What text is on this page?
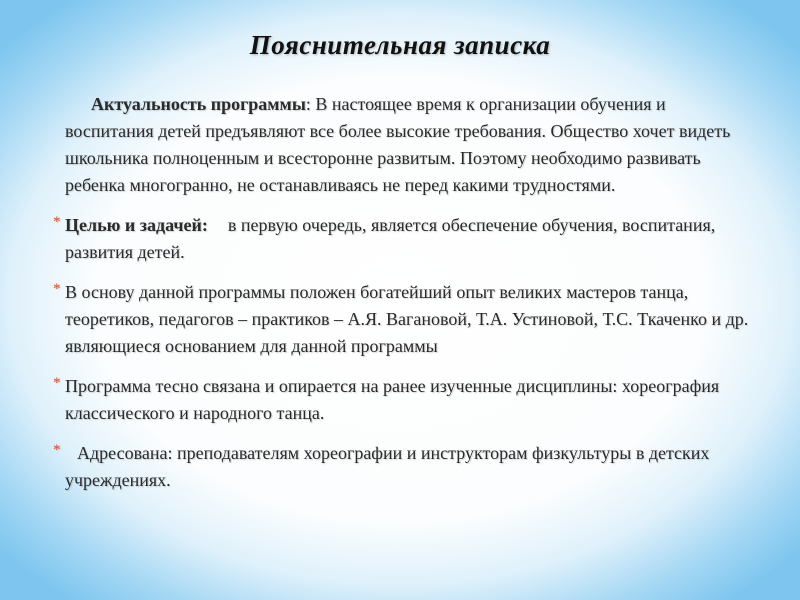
Пояснительная записка

Актуальность программы: В настоящее время к организации обучения и воспитания детей предъявляют все более высокие требования. Общество хочет видеть школьника полноценным и всесторонне развитым. Поэтому необходимо развивать ребенка многогранно, не останавливаясь не перед какими трудностями.

* Целью и задачей: в первую очередь, является обеспечение обучения, воспитания, развития детей.

* В основу данной программы положен богатейший опыт великих мастеров танца, теоретиков, педагогов – практиков – А.Я. Вагановой, Т.А. Устиновой, Т.С. Ткаченко и др. являющиеся основанием для данной программы

* Программа тесно связана и опирается на ранее изученные дисциплины: хореография классического и народного танца.

* Адресована: преподавателям хореографии и инструкторам физкультуры в детских учреждениях.
